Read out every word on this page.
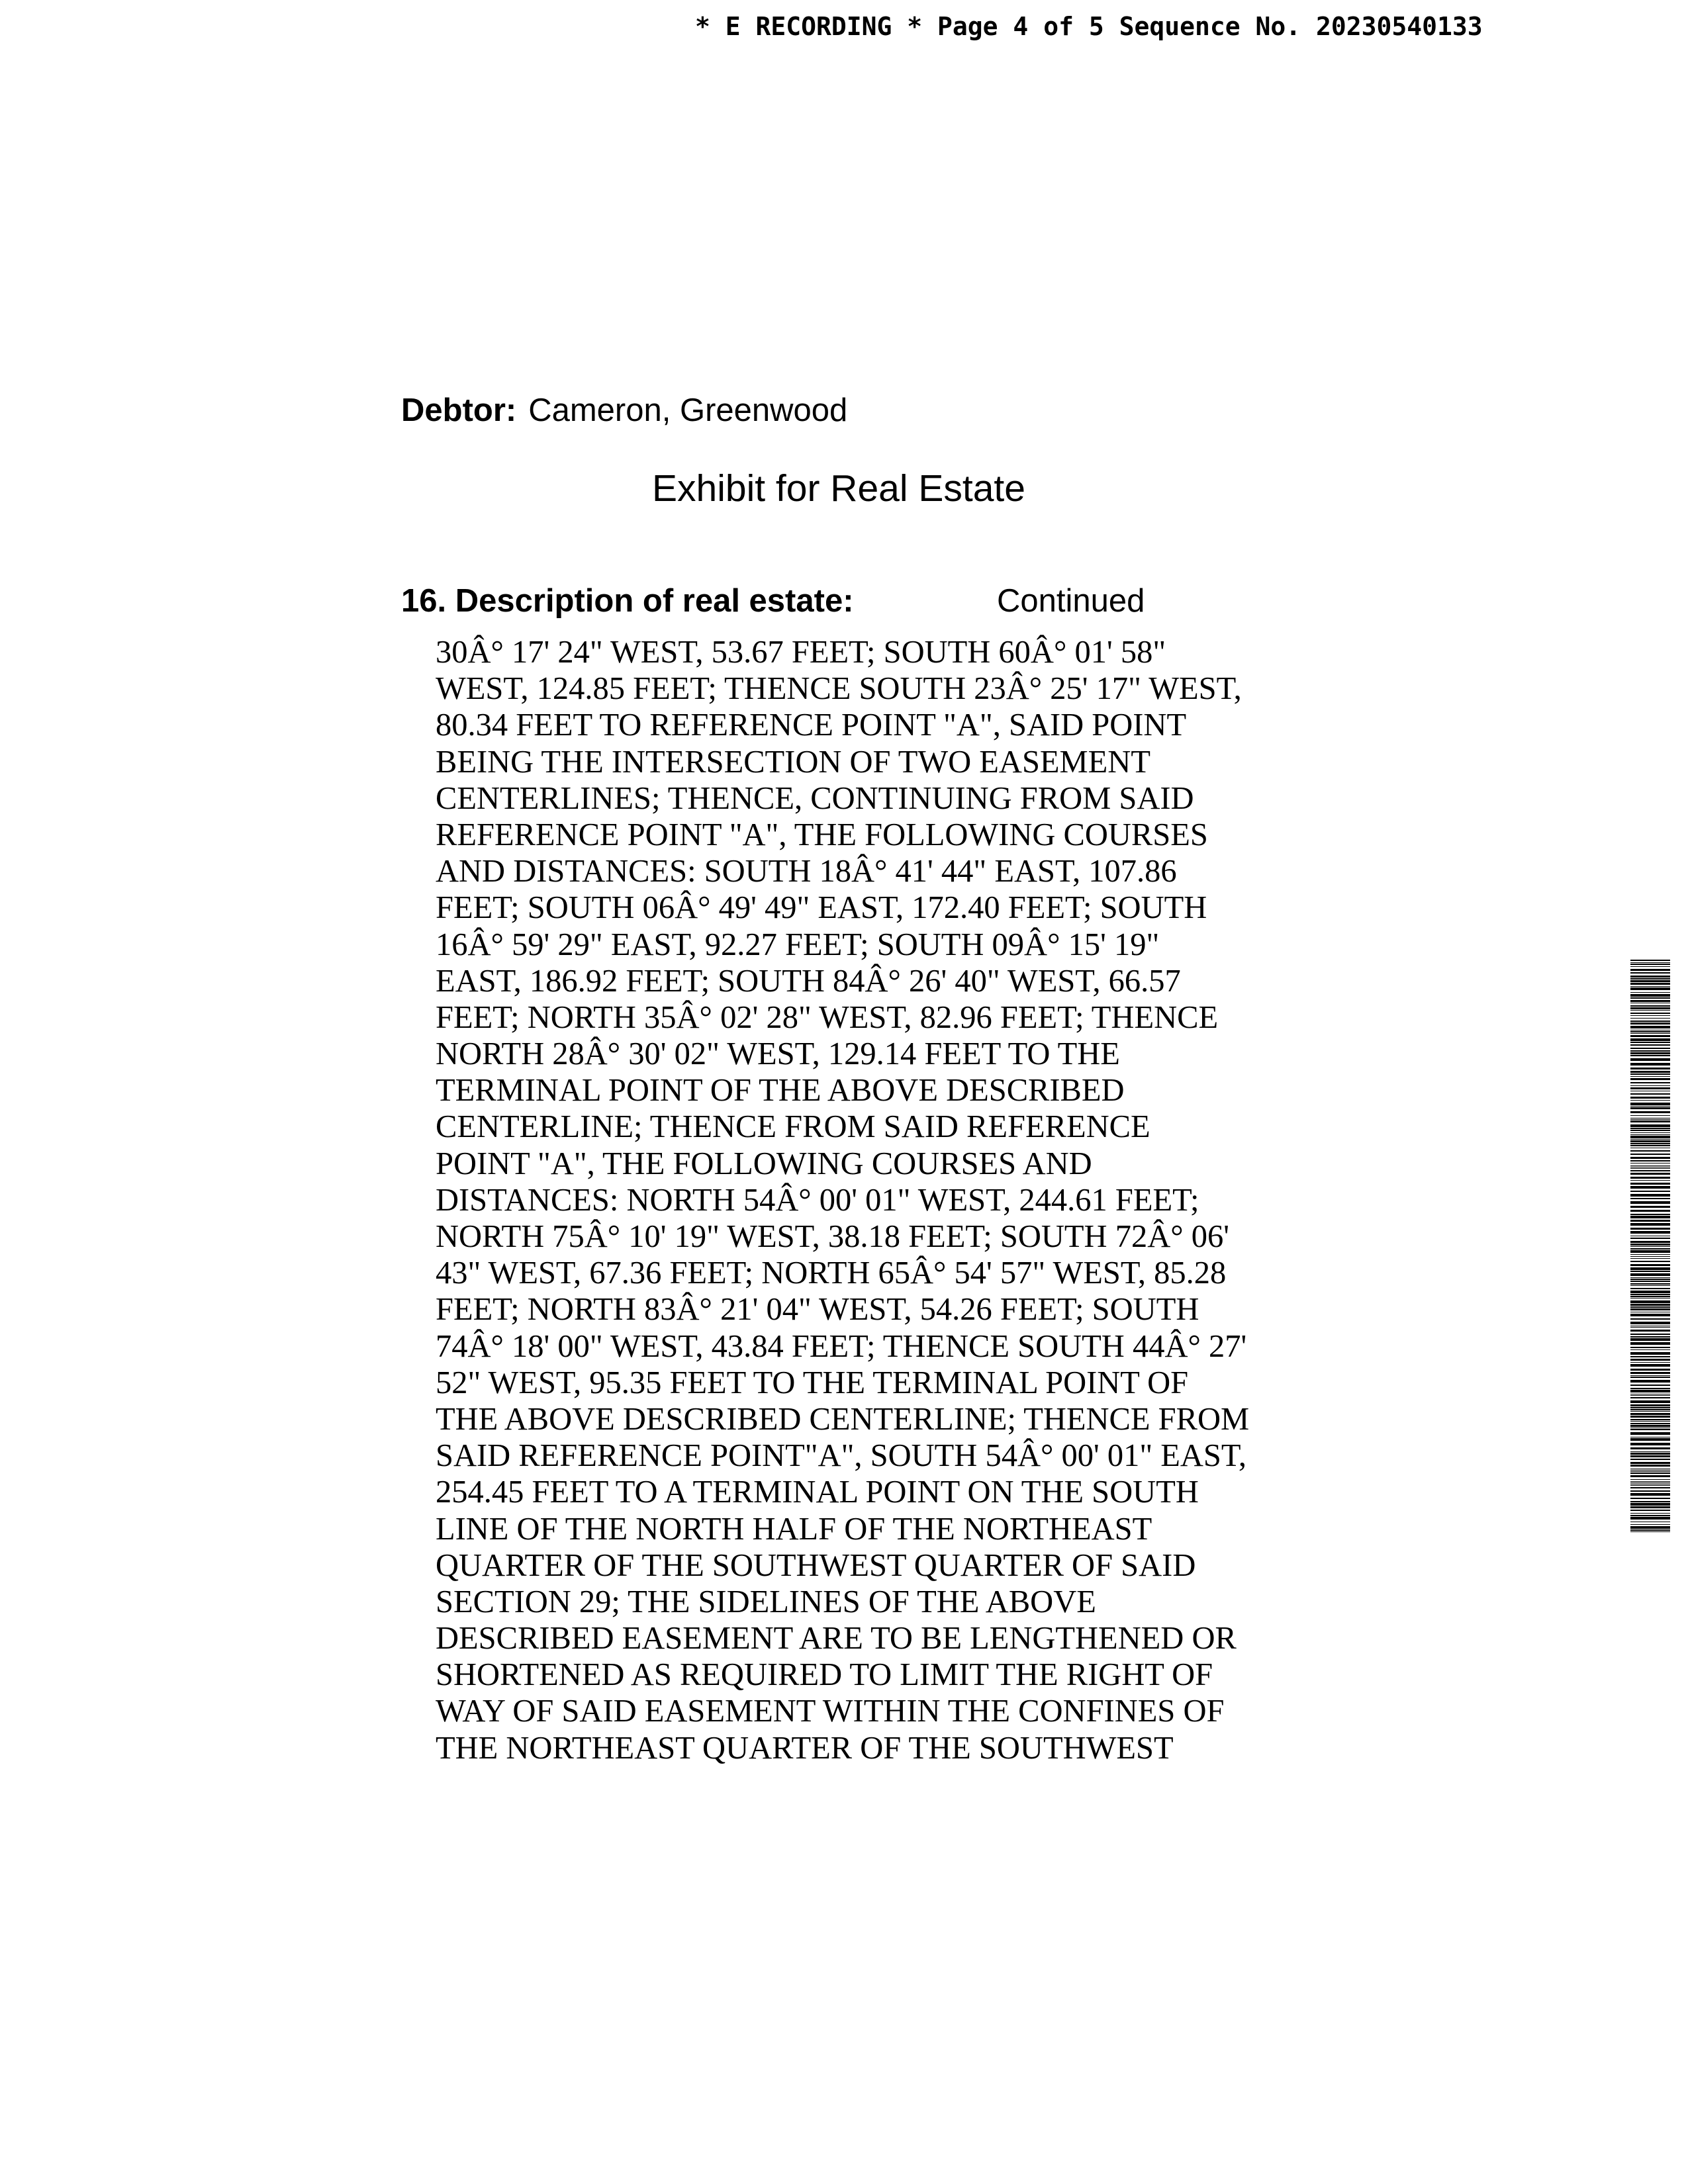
* E RECORDING * Page 4 of 5 Sequence No. 20230540133
Debtor: Cameron, Greenwood
Exhibit for Real Estate
16. Description of real estate:	Continued
30Â° 17' 24" WEST, 53.67 FEET; SOUTH 60Â° 01' 58"
WEST, 124.85 FEET; THENCE SOUTH 23Â° 25' 17" WEST,
80.34 FEET TO REFERENCE POINT "A", SAID POINT
BEING THE INTERSECTION OF TWO EASEMENT
CENTERLINES; THENCE, CONTINUING FROM SAID
REFERENCE POINT "A", THE FOLLOWING COURSES
AND DISTANCES: SOUTH 18Â° 41' 44" EAST, 107.86
FEET; SOUTH 06Â° 49' 49" EAST, 172.40 FEET; SOUTH
16Â° 59' 29" EAST, 92.27 FEET; SOUTH 09Â° 15' 19"
EAST, 186.92 FEET; SOUTH 84Â° 26' 40" WEST, 66.57
FEET; NORTH 35Â° 02' 28" WEST, 82.96 FEET; THENCE
NORTH 28Â° 30' 02" WEST, 129.14 FEET TO THE
TERMINAL POINT OF THE ABOVE DESCRIBED
CENTERLINE; THENCE FROM SAID REFERENCE
POINT "A", THE FOLLOWING COURSES AND
DISTANCES: NORTH 54Â° 00' 01" WEST, 244.61 FEET;
NORTH 75Â° 10' 19" WEST, 38.18 FEET; SOUTH 72Â° 06'
43" WEST, 67.36 FEET; NORTH 65Â° 54' 57" WEST, 85.28
FEET; NORTH 83Â° 21' 04" WEST, 54.26 FEET; SOUTH
74Â° 18' 00" WEST, 43.84 FEET; THENCE SOUTH 44Â° 27'
52" WEST, 95.35 FEET TO THE TERMINAL POINT OF
THE ABOVE DESCRIBED CENTERLINE; THENCE FROM
SAID REFERENCE POINT"A", SOUTH 54Â° 00' 01" EAST,
254.45 FEET TO A TERMINAL POINT ON THE SOUTH
LINE OF THE NORTH HALF OF THE NORTHEAST
QUARTER OF THE SOUTHWEST QUARTER OF SAID
SECTION 29; THE SIDELINES OF THE ABOVE
DESCRIBED EASEMENT ARE TO BE LENGTHENED OR
SHORTENED AS REQUIRED TO LIMIT THE RIGHT OF
WAY OF SAID EASEMENT WITHIN THE CONFINES OF
THE NORTHEAST QUARTER OF THE SOUTHWEST
